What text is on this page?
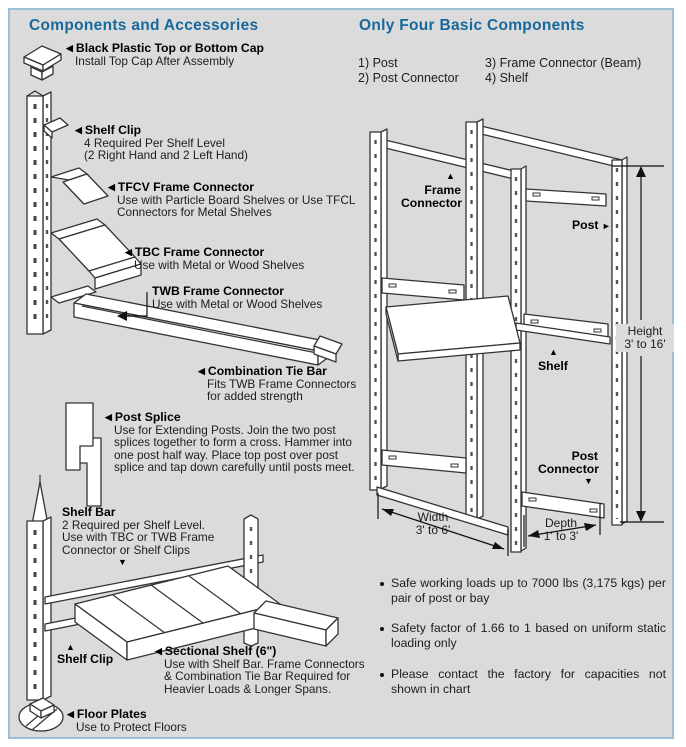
Components and Accessories
◀ Black Plastic Top or Bottom Cap
Install Top Cap After Assembly
◀ Shelf Clip
4 Required Per Shelf Level
(2 Right Hand and 2 Left Hand)
◀ TFCV Frame Connector
Use with Particle Board Shelves or Use TFCL
Connectors for Metal Shelves
◀ TBC Frame Connector
Use with Metal or Wood Shelves
TWB Frame Connector
Use with Metal or Wood Shelves
◀ Combination Tie Bar
Fits TWB Frame Connectors
for added strength
◀ Post Splice
Use for Extending Posts. Join the two post
splices together to form a cross. Hammer into
one post half way. Place top post over post
splice and tap down carefully until posts meet.
Shelf Bar
2 Required per Shelf Level.
Use with TBC or TWB Frame
Connector or Shelf Clips
▼
▲
Shelf Clip
◀ Sectional Shelf (6")
Use with Shelf Bar. Frame Connectors
& Combination Tie Bar Required for
Heavier Loads & Longer Spans.
◀ Floor Plates
Use to Protect Floors
Only Four Basic Components
1) Post
2) Post Connector
3) Frame Connector (Beam)
4) Shelf
▲
Frame
Connector
Post ►
▲
Shelf
Post
Connector
▼
Height
3' to 16'
Width
3' to 6'	Depth
1' to 3'
Safe working loads up to 7000 lbs (3,175 kgs) per pair of post or bay
Safety factor of 1.66 to 1 based on uniform static loading only
Please contact the factory for capacities not shown in chart
